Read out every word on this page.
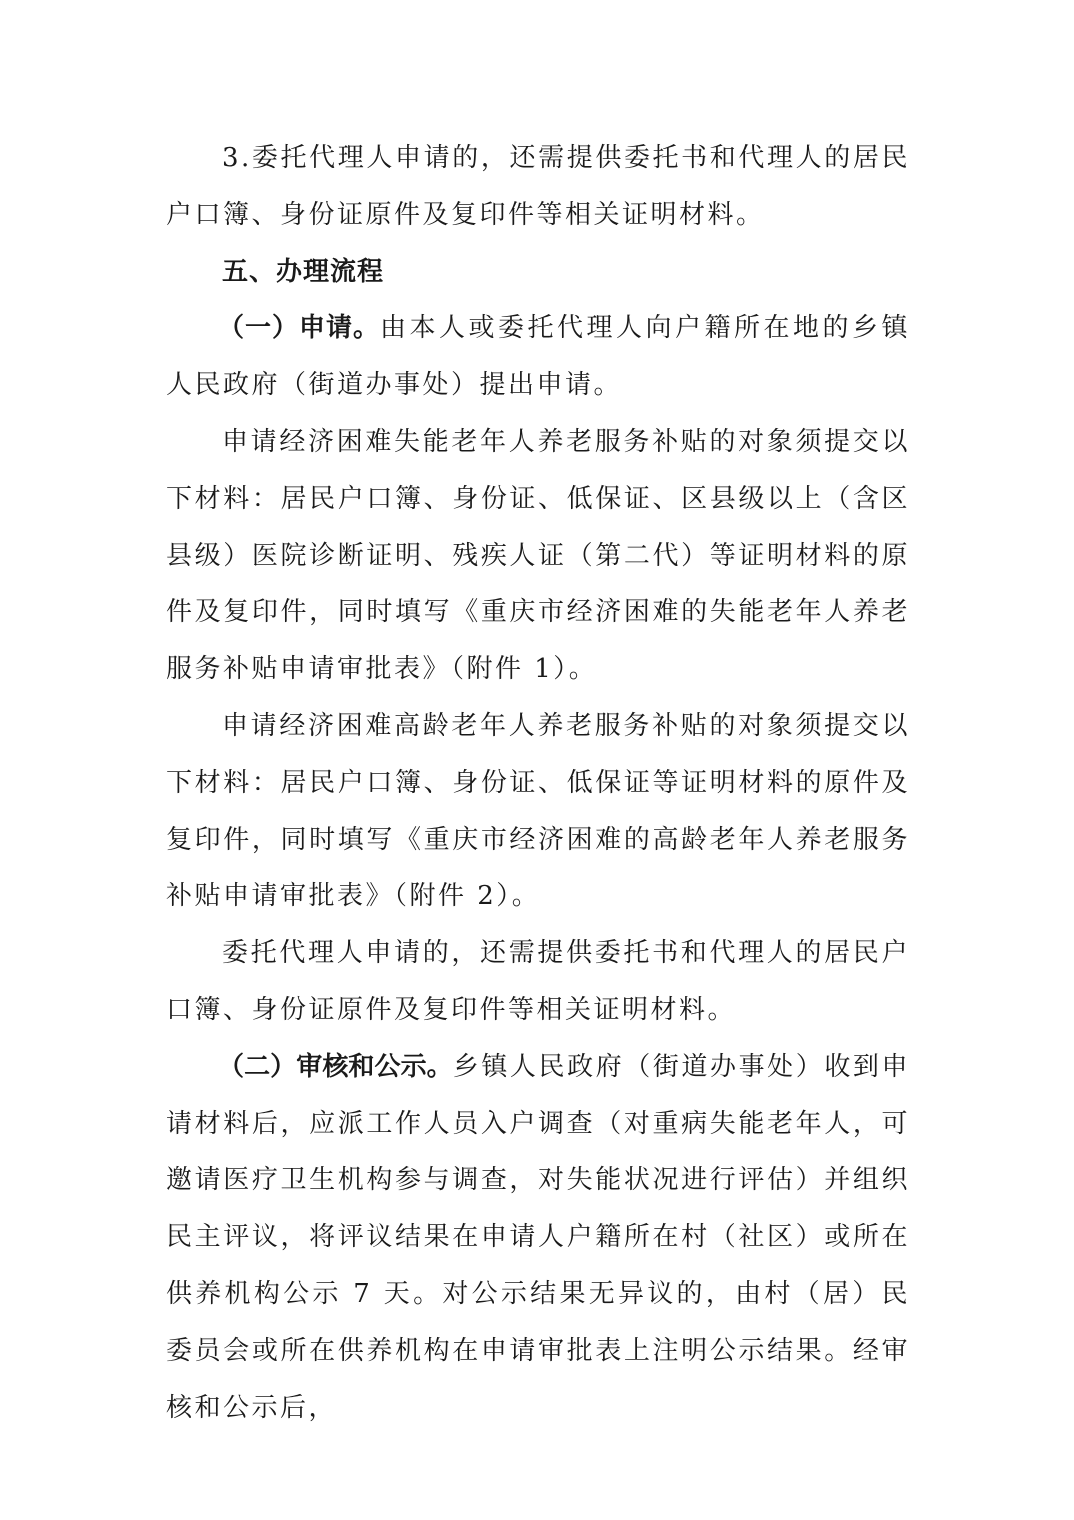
3.委托代理人申请的，还需提供委托书和代理人的居民户口簿、身份证原件及复印件等相关证明材料。

五、办理流程

（一）申请。由本人或委托代理人向户籍所在地的乡镇人民政府（街道办事处）提出申请。

申请经济困难失能老年人养老服务补贴的对象须提交以下材料：居民户口簿、身份证、低保证、区县级以上（含区县级）医院诊断证明、残疾人证（第二代）等证明材料的原件及复印件，同时填写《重庆市经济困难的失能老年人养老服务补贴申请审批表》（附件 1）。

申请经济困难高龄老年人养老服务补贴的对象须提交以下材料：居民户口簿、身份证、低保证等证明材料的原件及复印件，同时填写《重庆市经济困难的高龄老年人养老服务补贴申请审批表》（附件 2）。

委托代理人申请的，还需提供委托书和代理人的居民户口簿、身份证原件及复印件等相关证明材料。

（二）审核和公示。乡镇人民政府（街道办事处）收到申请材料后，应派工作人员入户调查（对重病失能老年人，可邀请医疗卫生机构参与调查，对失能状况进行评估）并组织民主评议，将评议结果在申请人户籍所在村（社区）或所在供养机构公示 7 天。对公示结果无异议的，由村（居）民委员会或所在供养机构在申请审批表上注明公示结果。经审核和公示后，
